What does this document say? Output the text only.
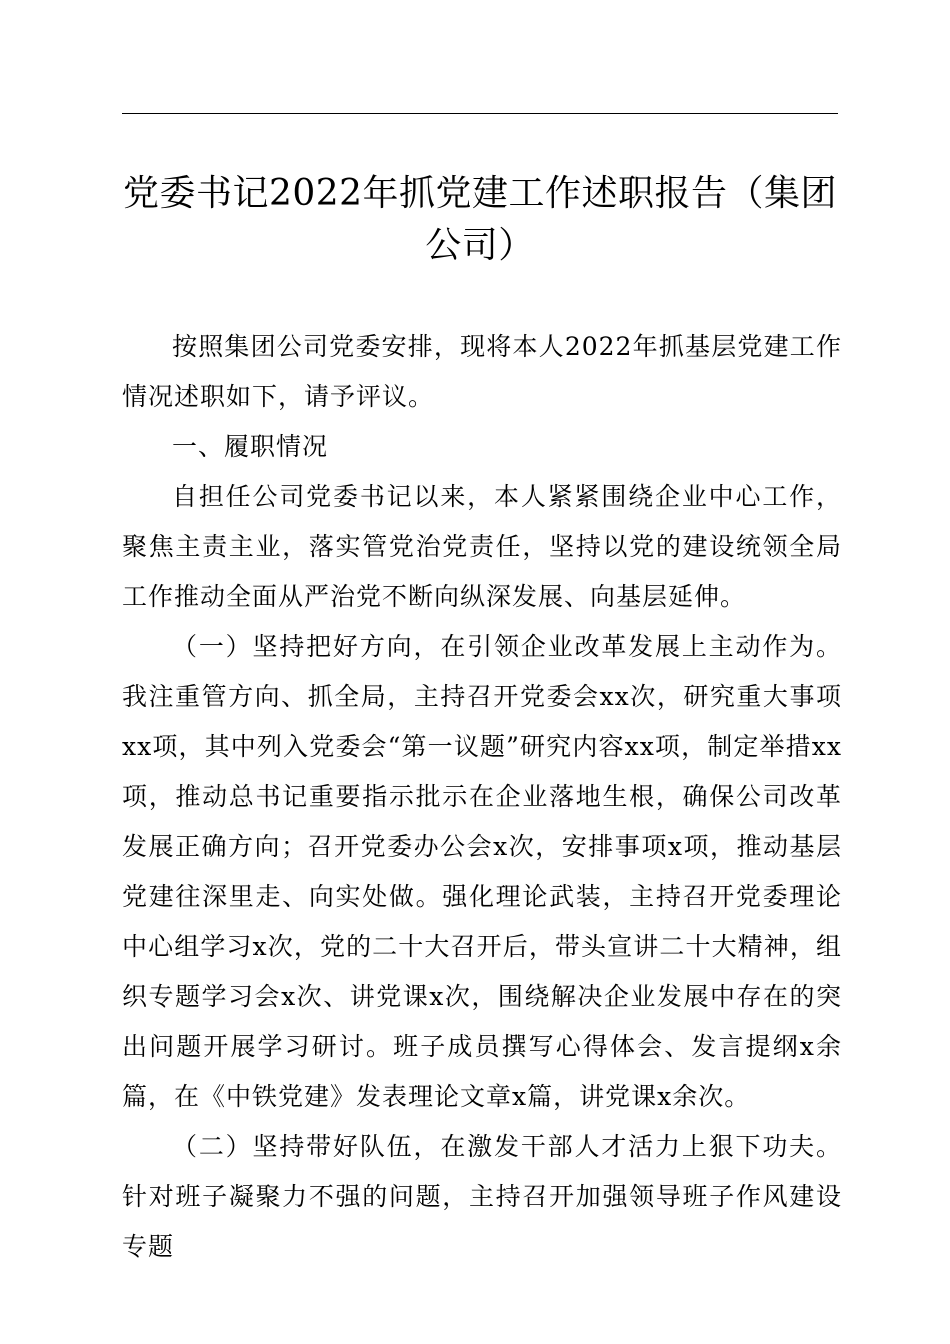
党委书记2022年抓党建工作述职报告（集团公司）

按照集团公司党委安排，现将本人2022年抓基层党建工作情况述职如下，请予评议。

一、履职情况

自担任公司党委书记以来，本人紧紧围绕企业中心工作，聚焦主责主业，落实管党治党责任，坚持以党的建设统领全局工作推动全面从严治党不断向纵深发展、向基层延伸。

（一）坚持把好方向，在引领企业改革发展上主动作为。我注重管方向、抓全局，主持召开党委会xx次，研究重大事项xx项，其中列入党委会“第一议题”研究内容xx项，制定举措xx项，推动总书记重要指示批示在企业落地生根，确保公司改革发展正确方向；召开党委办公会x次，安排事项x项，推动基层党建往深里走、向实处做。强化理论武装，主持召开党委理论中心组学习x次，党的二十大召开后，带头宣讲二十大精神，组织专题学习会x次、讲党课x次，围绕解决企业发展中存在的突出问题开展学习研讨。班子成员撰写心得体会、发言提纲x余篇，在《中铁党建》发表理论文章x篇，讲党课x余次。

（二）坚持带好队伍，在激发干部人才活力上狠下功夫。针对班子凝聚力不强的问题，主持召开加强领导班子作风建设专题
